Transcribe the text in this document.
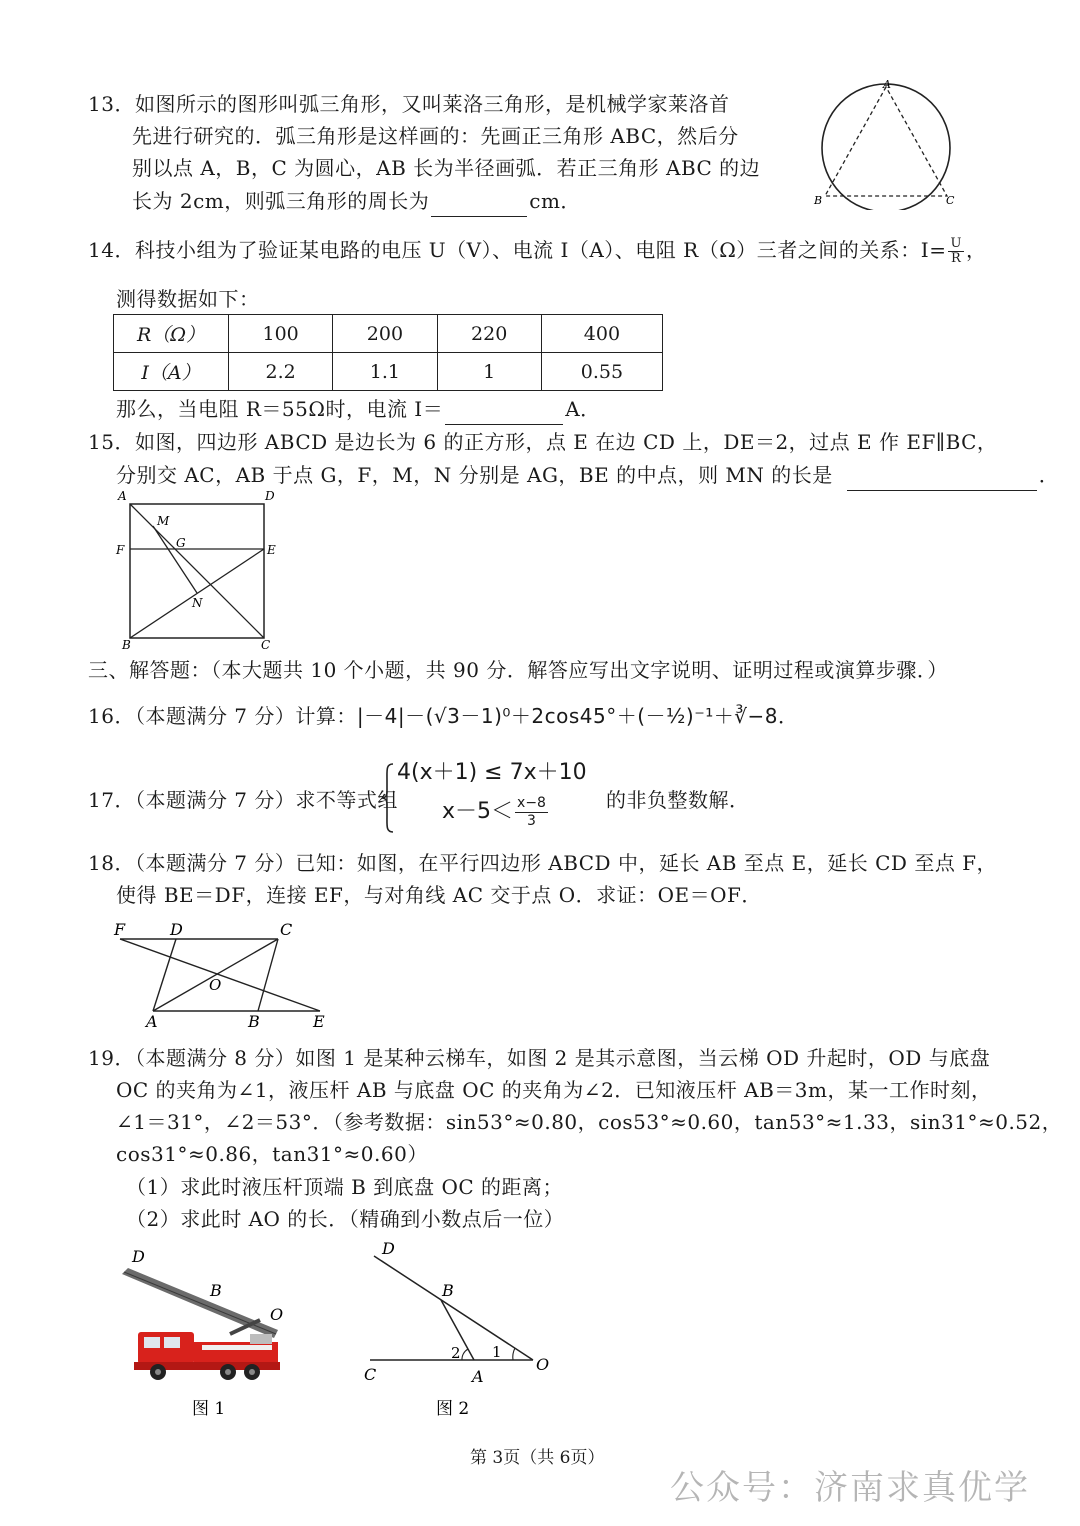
13．如图所示的图形叫弧三角形，又叫莱洛三角形，是机械学家莱洛首
先进行研究的．弧三角形是这样画的：先画正三角形 ABC，然后分
别以点 A，B，C 为圆心，AB 长为半径画弧．若正三角形 ABC 的边
长为 2cm，则弧三角形的周长为	cm．
A
B	C
14．科技小组为了验证某电路的电压 U（V）、电流 I（A）、电阻 R（Ω）三者之间的关系：$I= \frac{U}{R}$ ，
测得数据如下：
R（Ω）	100	200	220	400
I（A）	2.2	1.1	1	0.55
那么，当电阻 R＝55Ω时，电流 I＝	A．
15．如图，四边形 ABCD 是边长为 6 的正方形，点 E 在边 CD 上，DE＝2，过点 E 作 EF∥BC，
分别交 AC，AB 于点 G，F，M，N 分别是 AG，BE 的中点，则 MN 的长是	．
A	D
F	E
G
M
N
B	C
三、解答题：（本大题共 10 个小题，共 90 分．解答应写出文字说明、证明过程或演算步骤．）
16．（本题满分 7 分）计算：|－4|－(√3－1)⁰＋2cos45°＋(－½)⁻¹＋∛−8．
17．（本题满分 7 分）求不等式组
4(x＋1) ≤ 7x＋10
$x-5< \frac{x-8}{3}$	的非负整数解．
18．（本题满分 7 分）已知：如图，在平行四边形 ABCD 中，延长 AB 至点 E，延长 CD 至点 F，
使得 BE＝DF，连接 EF，与对角线 AC 交于点 O．求证：OE＝OF．
F	D	C
O
A	B	E
19．（本题满分 8 分）如图 1 是某种云梯车，如图 2 是其示意图，当云梯 OD 升起时，OD 与底盘
OC 的夹角为∠1，液压杆 AB 与底盘 OC 的夹角为∠2．已知液压杆 AB＝3m，某一工作时刻，
∠1＝31°，∠2＝53°．（参考数据：sin53°≈0.80，cos53°≈0.60，tan53°≈1.33，sin31°≈0.52，
cos31°≈0.86，tan31°≈0.60）
（1）求此时液压杆顶端 B 到底盘 OC 的距离；
（2）求此时 AO 的长．（精确到小数点后一位）
D
B
O
图 1
D
B
2 1
O
C	A
图 2
第 3页（共 6页）
公众号：济南求真优学
